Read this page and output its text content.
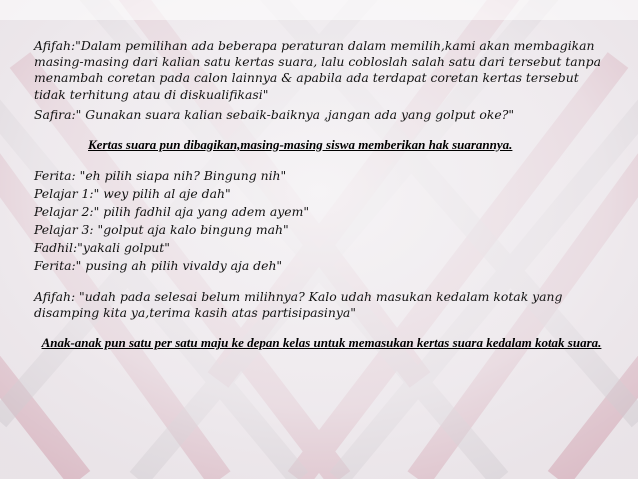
Afifah:"Dalam pemilihan ada beberapa peraturan dalam memilih,kami akan membagikan masing-masing dari kalian satu kertas suara, lalu cobloslah salah satu dari tersebut tanpa menambah coretan pada calon lainnya & apabila ada terdapat coretan kertas tersebut tidak terhitung atau di diskualifikasi"

Safira:" Gunakan suara kalian sebaik-baiknya ,jangan ada yang golput oke?"

Kertas suara pun dibagikan,masing-masing siswa memberikan hak suarannya.

Ferita: "eh pilih siapa nih? Bingung nih"

Pelajar 1:" wey pilih al aje dah"

Pelajar 2:" pilih fadhil aja yang adem ayem"

Pelajar 3: "golput aja kalo bingung mah"

Fadhil:"yakali golput"

Ferita:" pusing ah pilih vivaldy aja deh"

Afifah: "udah pada selesai belum milihnya? Kalo udah masukan kedalam kotak yang disamping kita ya,terima kasih atas partisipasinya"

Anak-anak pun satu per satu maju ke depan kelas untuk memasukan kertas suara kedalam kotak suara.
